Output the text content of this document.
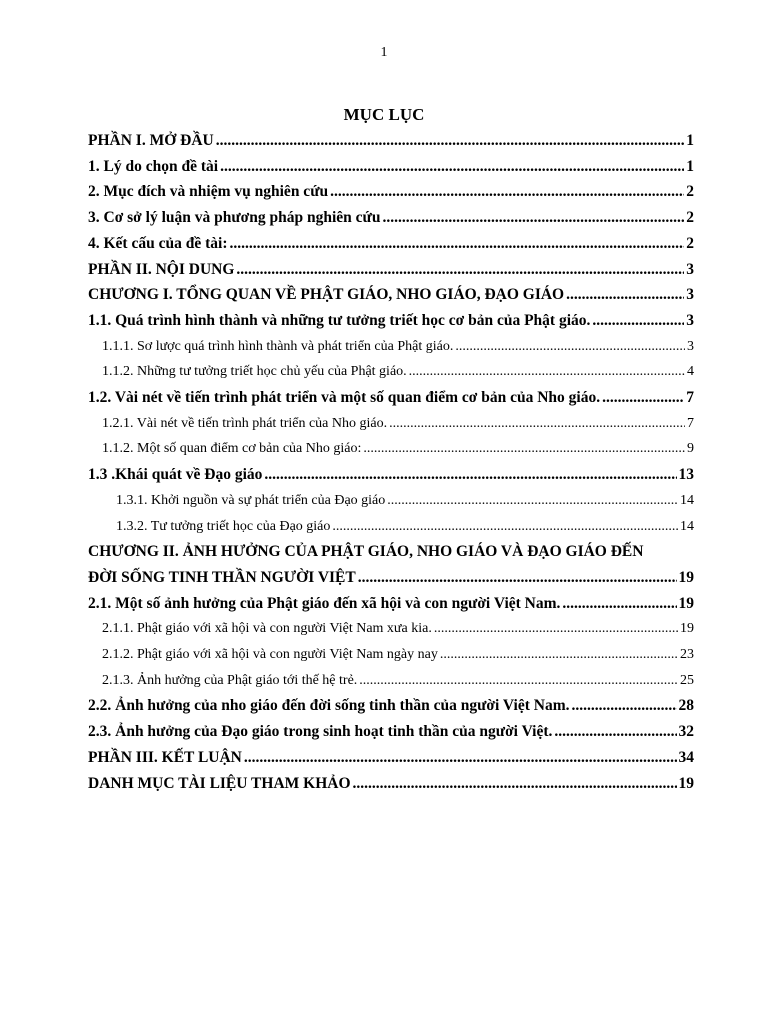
1
MỤC LỤC
PHẦN I. MỞ ĐẦU .....	1
1. Lý do chọn đề tài .....	1
2. Mục đích và nhiệm vụ nghiên cứu .....	2
3. Cơ sở lý luận và phương pháp nghiên cứu .....	2
4. Kết cấu của đề tài: .....	2
PHẦN II. NỘI DUNG .....	3
CHƯƠNG I. TỔNG QUAN VỀ PHẬT GIÁO, NHO GIÁO, ĐẠO GIÁO .....	3
1.1. Quá trình hình thành và những tư tưởng triết học cơ bản của Phật giáo. .....	3
1.1.1. Sơ lược quá trình hình thành và phát triển của Phật giáo. .....	3
1.1.2. Những tư tưởng triết học chủ yếu của Phật giáo. .....	4
1.2. Vài nét về tiến trình phát triển và một số quan điểm cơ bản của Nho giáo. .....	7
1.2.1. Vài nét về tiến trình phát triển của Nho giáo. .....	7
1.1.2. Một số quan điểm cơ bản của Nho giáo: .....	9
1.3 .Khái quát về Đạo giáo .....	13
1.3.1. Khởi nguồn và sự phát triển của Đạo giáo .....	14
1.3.2. Tư tưởng triết học của Đạo giáo .....	14
CHƯƠNG II. ẢNH HƯỞNG CỦA PHẬT GIÁO, NHO GIÁO VÀ ĐẠO GIÁO ĐẾN
ĐỜI SỐNG TINH THẦN NGƯỜI VIỆT .....	19
2.1. Một số ảnh hưởng của Phật giáo đến xã hội và con người Việt Nam. .....	19
2.1.1. Phật giáo với xã hội và con người Việt Nam xưa kia. .....	19
2.1.2. Phật giáo với xã hội và con người Việt Nam ngày nay .....	23
2.1.3. Ảnh hưởng của Phật giáo tới thế hệ trẻ. .....	25
2.2. Ảnh hưởng của nho giáo đến đời sống tinh thần của người Việt Nam. .....	28
2.3. Ảnh hưởng của Đạo giáo trong sinh hoạt tinh thần của người Việt. .....	32
PHẦN III. KẾT LUẬN .....	34
DANH MỤC TÀI LIỆU THAM KHẢO .....	19
